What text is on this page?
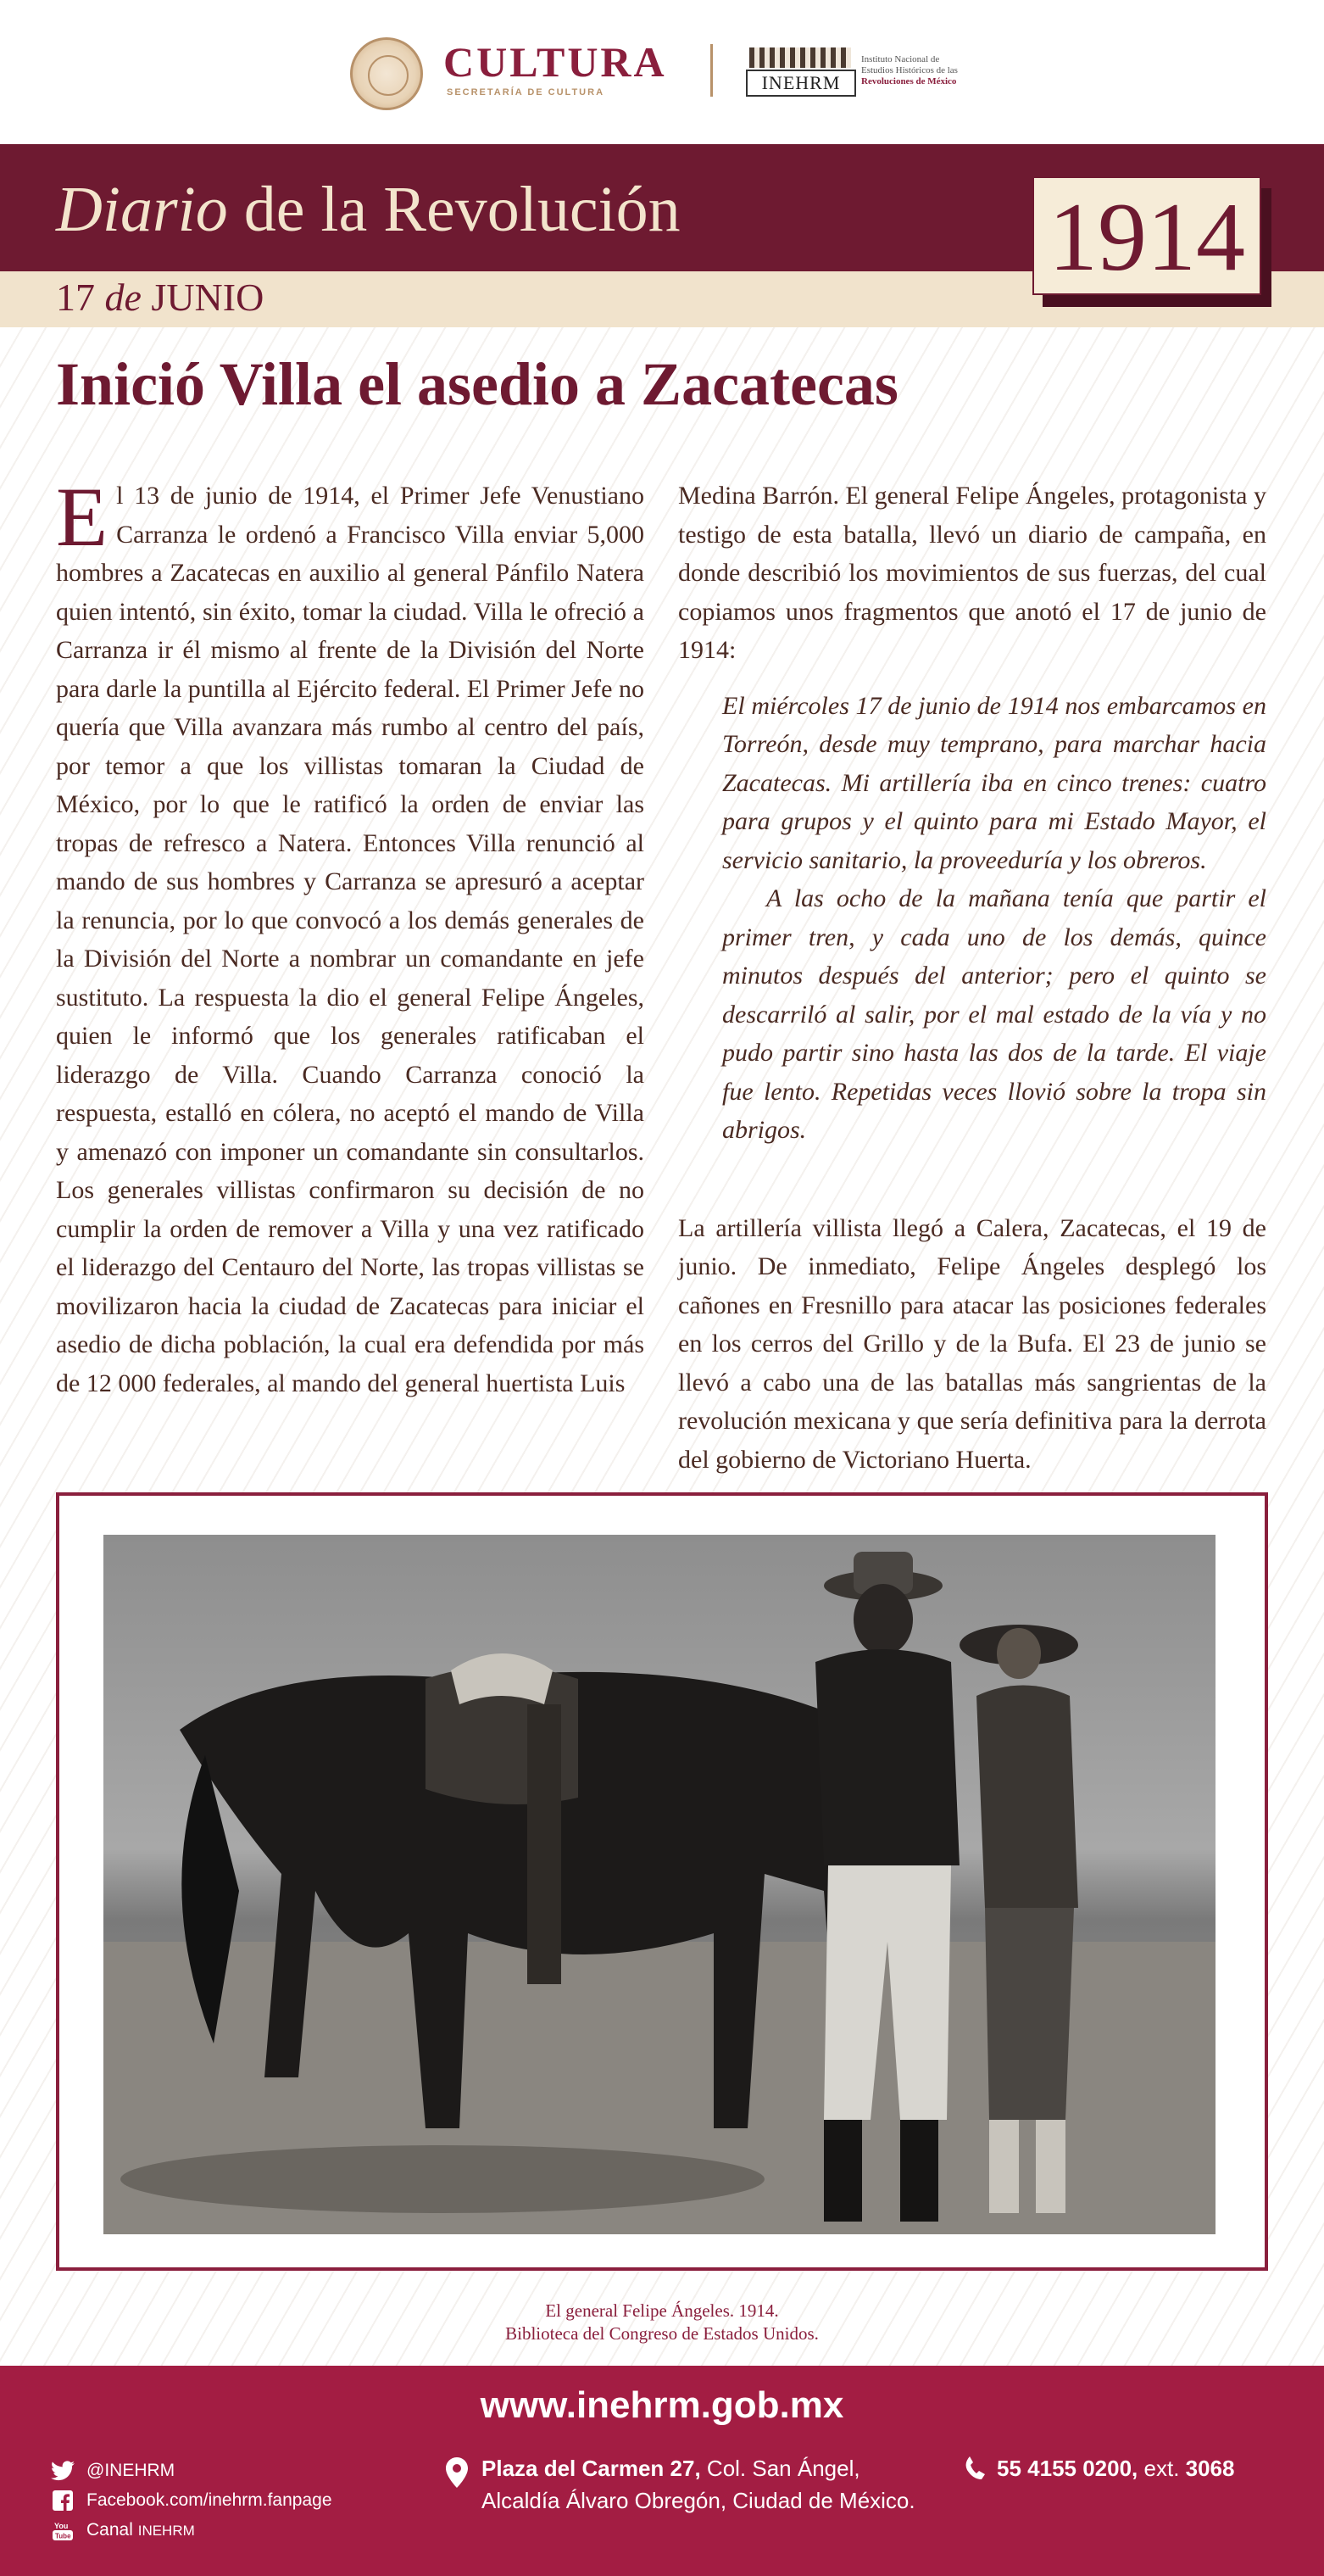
CULTURA
SECRETARÍA DE CULTURA	INEHRM
Instituto Nacional de
Estudios Históricos de las
Revoluciones de México
Diario de la Revolución
17 de JUNIO
1914
Inició Villa el asedio a Zacatecas

El 13 de junio de 1914, el Primer Jefe Venustiano Carranza le ordenó a Francisco Villa enviar 5,000 hombres a Zacatecas en auxilio al general Pánfilo Natera quien intentó, sin éxito, tomar la ciudad. Villa le ofreció a Carranza ir él mismo al frente de la División del Norte para darle la puntilla al Ejército federal. El Primer Jefe no quería que Villa avanzara más rumbo al centro del país, por temor a que los villistas tomaran la Ciudad de México, por lo que le ratificó la orden de enviar las tropas de refresco a Natera. Entonces Villa renunció al mando de sus hombres y Carranza se apresuró a aceptar la renuncia, por lo que convocó a los demás generales de la División del Norte a nombrar un comandante en jefe sustituto. La respuesta la dio el general Felipe Ángeles, quien le informó que los generales ratificaban el liderazgo de Villa. Cuando Carranza conoció la respuesta, estalló en cólera, no aceptó el mando de Villa y amenazó con imponer un comandante sin consultarlos. Los generales villistas confirmaron su decisión de no cumplir la orden de remover a Villa y una vez ratificado el liderazgo del Centauro del Norte, las tropas villistas se movilizaron hacia la ciudad de Zacatecas para iniciar el asedio de dicha población, la cual era defendida por más de 12 000 federales, al mando del general huertista Luis

Medina Barrón. El general Felipe Ángeles, protagonista y testigo de esta batalla, llevó un diario de campaña, en donde describió los movimientos de sus fuerzas, del cual copiamos unos fragmentos que anotó el 17 de junio de 1914:

El miércoles 17 de junio de 1914 nos embarcamos en Torreón, desde muy temprano, para marchar hacia Zacatecas. Mi artillería iba en cinco trenes: cuatro para grupos y el quinto para mi Estado Mayor, el servicio sanitario, la proveeduría y los obreros.

A las ocho de la mañana tenía que partir el primer tren, y cada uno de los demás, quince minutos después del anterior; pero el quinto se descarriló al salir, por el mal estado de la vía y no pudo partir sino hasta las dos de la tarde. El viaje fue lento. Repetidas veces llovió sobre la tropa sin abrigos.

La artillería villista llegó a Calera, Zacatecas, el 19 de junio. De inmediato, Felipe Ángeles desplegó los cañones en Fresnillo para atacar las posiciones federales en los cerros del Grillo y de la Bufa. El 23 de junio se llevó a cabo una de las batallas más sangrientas de la revolución mexicana y que sería definitiva para la derrota del gobierno de Victoriano Huerta.

El general Felipe Ángeles. 1914.
Biblioteca del Congreso de Estados Unidos.
www.inehrm.gob.mx
@INEHRM
Facebook.com/inehrm.fanpage
You
Tube Canal INEHRM
Plaza del Carmen 27, Col. San Ángel,
Alcaldía Álvaro Obregón, Ciudad de México.
55 4155 0200, ext. 3068
